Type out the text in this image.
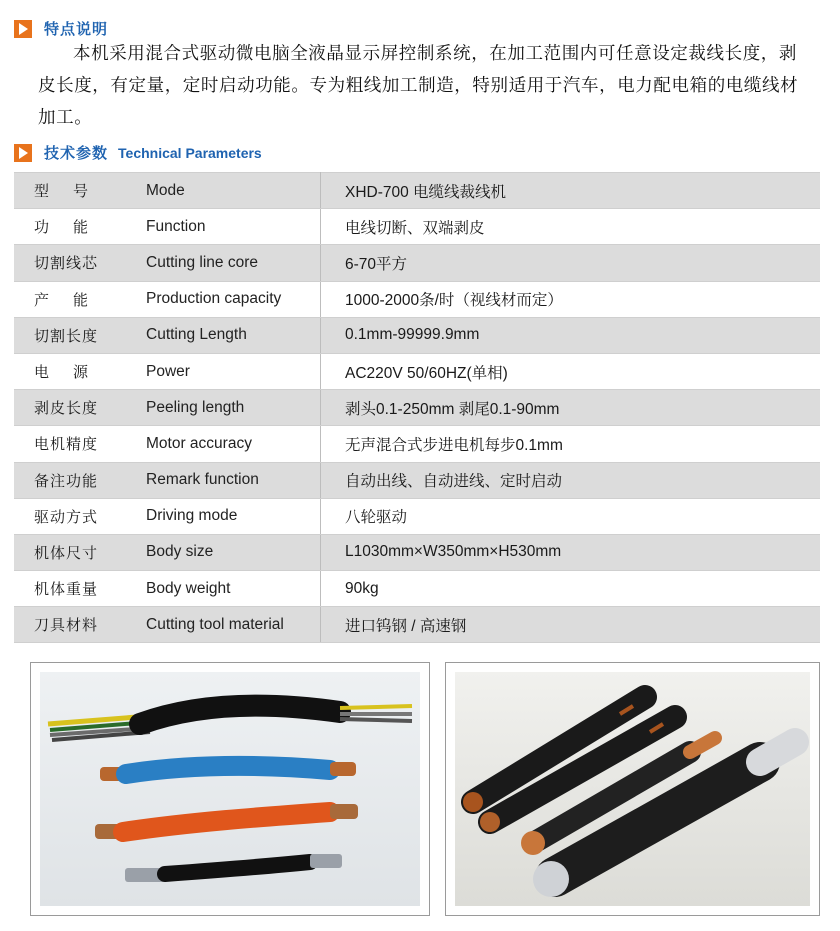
特点说明

本机采用混合式驱动微电脑全液晶显示屏控制系统，在加工范围内可任意设定裁线长度，剥皮长度，有定量，定时启动功能。专为粗线加工制造，特别适用于汽车，电力配电箱的电缆线材加工。

技术参数 Technical Parameters
型号	Mode	XHD-700 电缆线裁线机
功能	Function	电线切断、双端剥皮
切割线芯	Cutting line core	6-70平方
产能	Production capacity	1000-2000条/时（视线材而定）
切割长度	Cutting Length	0.1mm-99999.9mm
电源	Power	AC220V 50/60HZ(单相)
剥皮长度	Peeling length	剥头0.1-250mm 剥尾0.1-90mm
电机精度	Motor accuracy	无声混合式步进电机每步0.1mm
备注功能	Remark function	自动出线、自动进线、定时启动
驱动方式	Driving mode	八轮驱动
机体尺寸	Body size	L1030mm×W350mm×H530mm
机体重量	Body weight	90kg
刀具材料	Cutting tool material	进口钨钢 / 高速钢
